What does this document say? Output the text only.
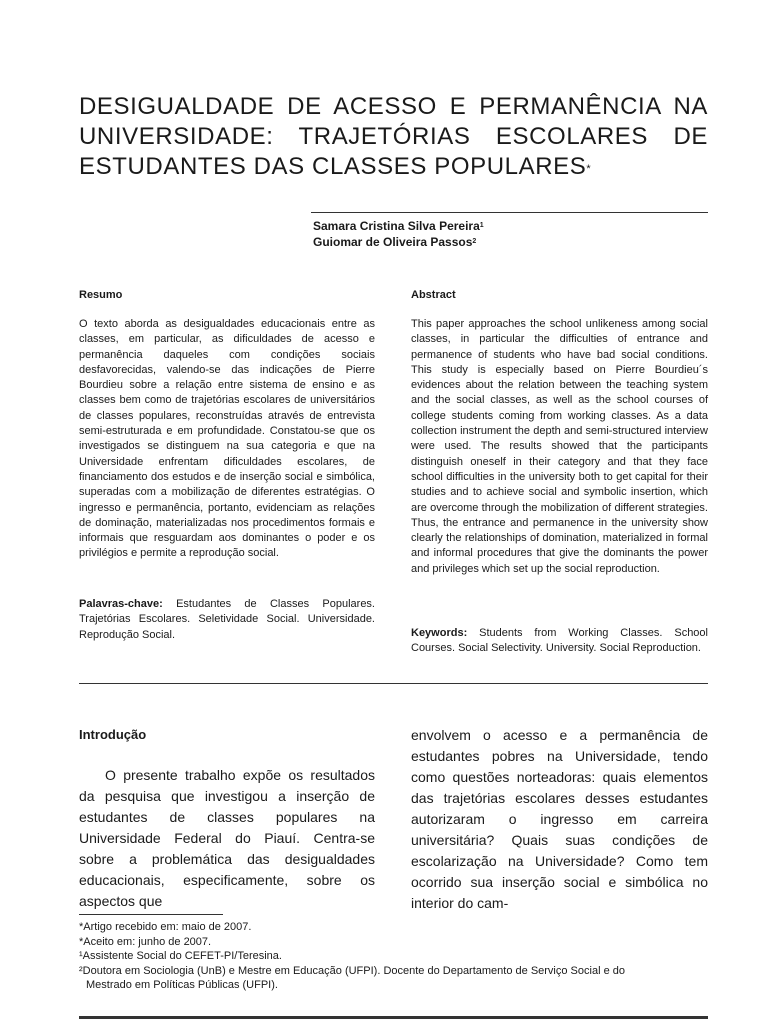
DESIGUALDADE DE ACESSO E PERMANÊNCIA NA
UNIVERSIDADE: TRAJETÓRIAS ESCOLARES DE
ESTUDANTES DAS CLASSES POPULARES*
Samara Cristina Silva Pereira$^1$
Guiomar de Oliveira Passos$^2$
Resumo
O texto aborda as desigualdades educacionais entre as classes, em particular, as dificuldades de acesso e permanência daqueles com condições sociais desfavorecidas, valendo-se das indicações de Pierre Bourdieu sobre a relação entre sistema de ensino e as classes bem como de trajetórias escolares de universitários de classes populares, reconstruídas através de entrevista semi-estruturada e em profundidade. Constatou-se que os investigados se distinguem na sua categoria e que na Universidade enfrentam dificuldades escolares, de financiamento dos estudos e de inserção social e simbólica, superadas com a mobilização de diferentes estratégias. O ingresso e permanência, portanto, evidenciam as relações de dominação, materializadas nos procedimentos formais e informais que resguardam aos dominantes o poder e os privilégios e permite a reprodução social.
Palavras-chave: Estudantes de Classes Populares. Trajetórias Escolares. Seletividade Social. Universidade. Reprodução Social.
Abstract
This paper approaches the school unlikeness among social classes, in particular the difficulties of entrance and permanence of students who have bad social conditions. This study is especially based on Pierre Bourdieu´s evidences about the relation between the teaching system and the social classes, as well as the school courses of college students coming from working classes. As a data collection instrument the depth and semi-structured interview were used. The results showed that the participants distinguish oneself in their category and that they face school difficulties in the university both to get capital for their studies and to achieve social and symbolic insertion, which are overcome through the mobilization of different strategies. Thus, the entrance and permanence in the university show clearly the relationships of domination, materialized in formal and informal procedures that give the dominants the power and privileges which set up the social reproduction.
Keywords: Students from Working Classes. School Courses. Social Selectivity. University. Social Reproduction.
Introdução
O presente trabalho expõe os resultados da pesquisa que investigou a inserção de estudantes de classes populares na Universidade Federal do Piauí. Centra-se sobre a problemática das desigualdades educacionais, especificamente, sobre os aspectos que
envolvem o acesso e a permanência de estudantes pobres na Universidade, tendo como questões norteadoras: quais elementos das trajetórias escolares desses estudantes autorizaram o ingresso em carreira universitária? Quais suas condições de escolarização na Universidade? Como tem ocorrido sua inserção social e simbólica no interior do cam-
*Artigo recebido em: maio de 2007.
*Aceito em: junho de 2007.
¹Assistente Social do CEFET-PI/Teresina.
²Doutora em Sociologia (UnB) e Mestre em Educação (UFPI). Docente do Departamento de Serviço Social e do
Mestrado em Políticas Públicas (UFPI).
